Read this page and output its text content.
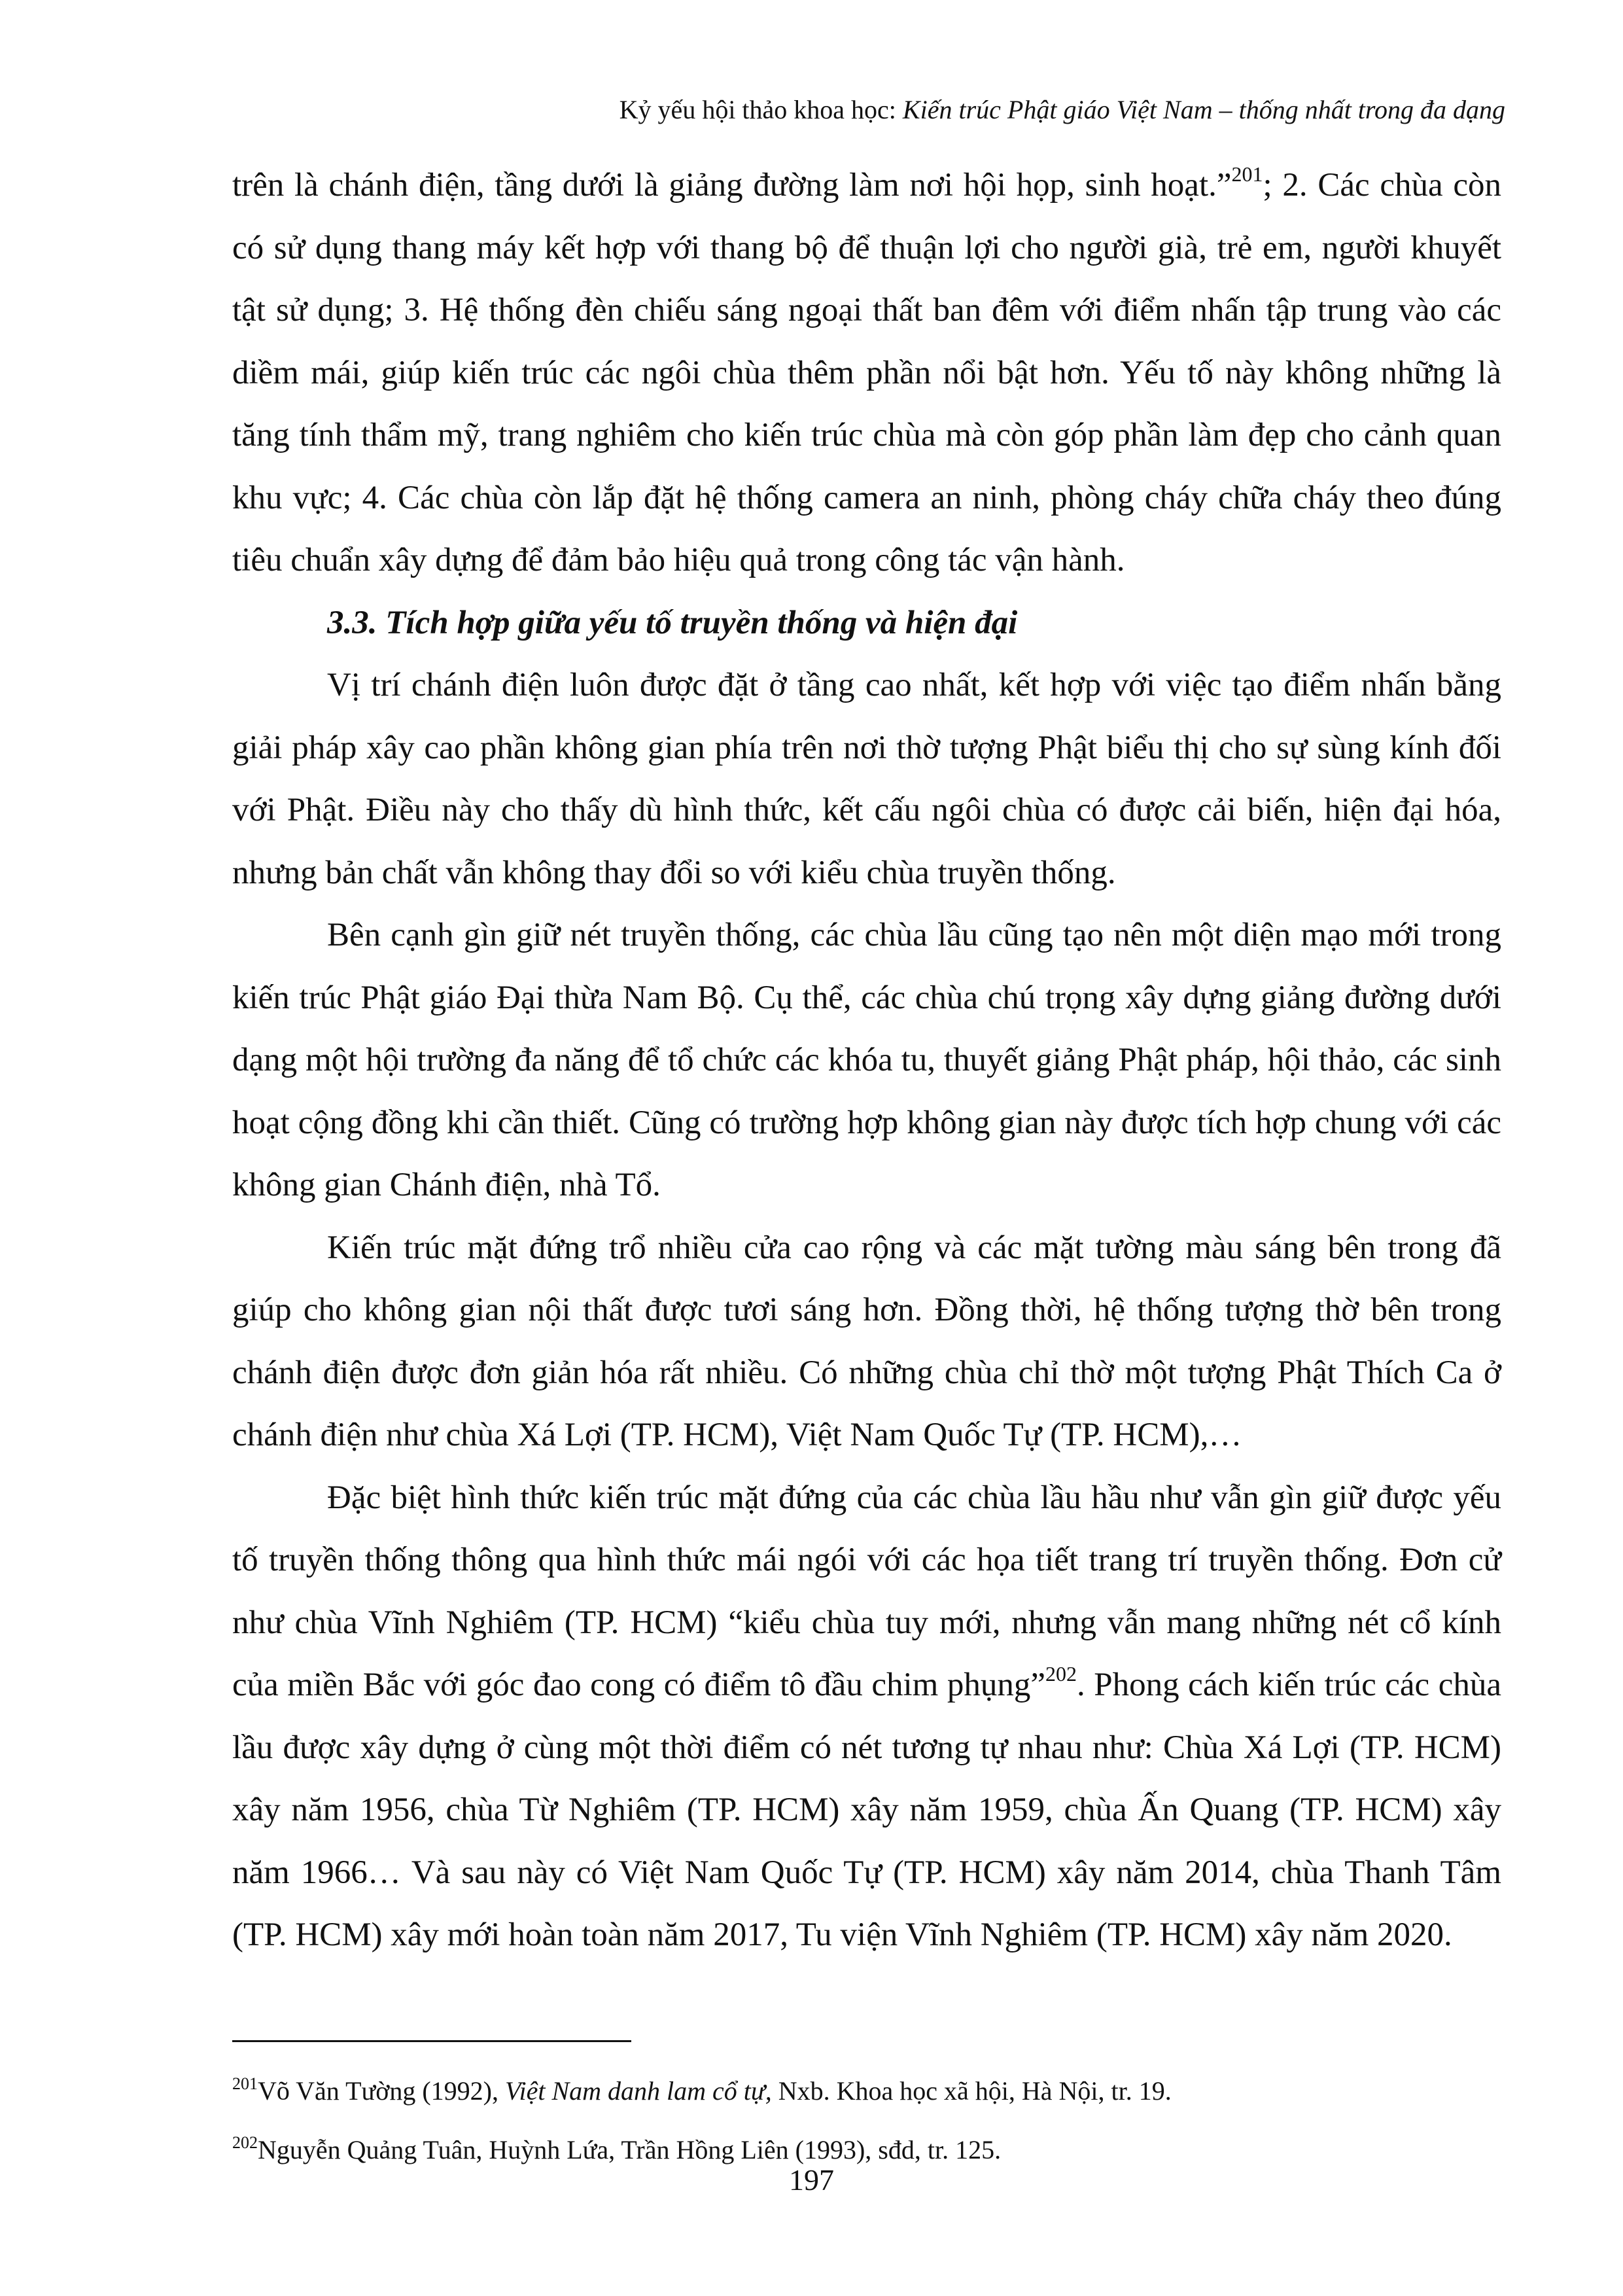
Kỷ yếu hội thảo khoa học: Kiến trúc Phật giáo Việt Nam – thống nhất trong đa dạng

trên là chánh điện, tầng dưới là giảng đường làm nơi hội họp, sinh hoạt.”$^{201}$; 2. Các chùa còn có sử dụng thang máy kết hợp với thang bộ để thuận lợi cho người già, trẻ em, người khuyết tật sử dụng; 3. Hệ thống đèn chiếu sáng ngoại thất ban đêm với điểm nhấn tập trung vào các diềm mái, giúp kiến trúc các ngôi chùa thêm phần nổi bật hơn. Yếu tố này không những là tăng tính thẩm mỹ, trang nghiêm cho kiến trúc chùa mà còn góp phần làm đẹp cho cảnh quan khu vực; 4. Các chùa còn lắp đặt hệ thống camera an ninh, phòng cháy chữa cháy theo đúng tiêu chuẩn xây dựng để đảm bảo hiệu quả trong công tác vận hành.

3.3. Tích hợp giữa yếu tố truyền thống và hiện đại

Vị trí chánh điện luôn được đặt ở tầng cao nhất, kết hợp với việc tạo điểm nhấn bằng giải pháp xây cao phần không gian phía trên nơi thờ tượng Phật biểu thị cho sự sùng kính đối với Phật. Điều này cho thấy dù hình thức, kết cấu ngôi chùa có được cải biến, hiện đại hóa, nhưng bản chất vẫn không thay đổi so với kiểu chùa truyền thống.

Bên cạnh gìn giữ nét truyền thống, các chùa lầu cũng tạo nên một diện mạo mới trong kiến trúc Phật giáo Đại thừa Nam Bộ. Cụ thể, các chùa chú trọng xây dựng giảng đường dưới dạng một hội trường đa năng để tổ chức các khóa tu, thuyết giảng Phật pháp, hội thảo, các sinh hoạt cộng đồng khi cần thiết. Cũng có trường hợp không gian này được tích hợp chung với các không gian Chánh điện, nhà Tổ.

Kiến trúc mặt đứng trổ nhiều cửa cao rộng và các mặt tường màu sáng bên trong đã giúp cho không gian nội thất được tươi sáng hơn. Đồng thời, hệ thống tượng thờ bên trong chánh điện được đơn giản hóa rất nhiều. Có những chùa chỉ thờ một tượng Phật Thích Ca ở chánh điện như chùa Xá Lợi (TP. HCM), Việt Nam Quốc Tự (TP. HCM),…

Đặc biệt hình thức kiến trúc mặt đứng của các chùa lầu hầu như vẫn gìn giữ được yếu tố truyền thống thông qua hình thức mái ngói với các họa tiết trang trí truyền thống. Đơn cử như chùa Vĩnh Nghiêm (TP. HCM) “kiểu chùa tuy mới, nhưng vẫn mang những nét cổ kính của miền Bắc với góc đao cong có điểm tô đầu chim phụng”$^{202}$. Phong cách kiến trúc các chùa lầu được xây dựng ở cùng một thời điểm có nét tương tự nhau như: Chùa Xá Lợi (TP. HCM) xây năm 1956, chùa Từ Nghiêm (TP. HCM) xây năm 1959, chùa Ấn Quang (TP. HCM) xây năm 1966… Và sau này có Việt Nam Quốc Tự (TP. HCM) xây năm 2014, chùa Thanh Tâm (TP. HCM) xây mới hoàn toàn năm 2017, Tu viện Vĩnh Nghiêm (TP. HCM) xây năm 2020.

$^{201}$Võ Văn Tường (1992), Việt Nam danh lam cổ tự, Nxb. Khoa học xã hội, Hà Nội, tr. 19.
$^{202}$Nguyễn Quảng Tuân, Huỳnh Lứa, Trần Hồng Liên (1993), sđd, tr. 125.
197
